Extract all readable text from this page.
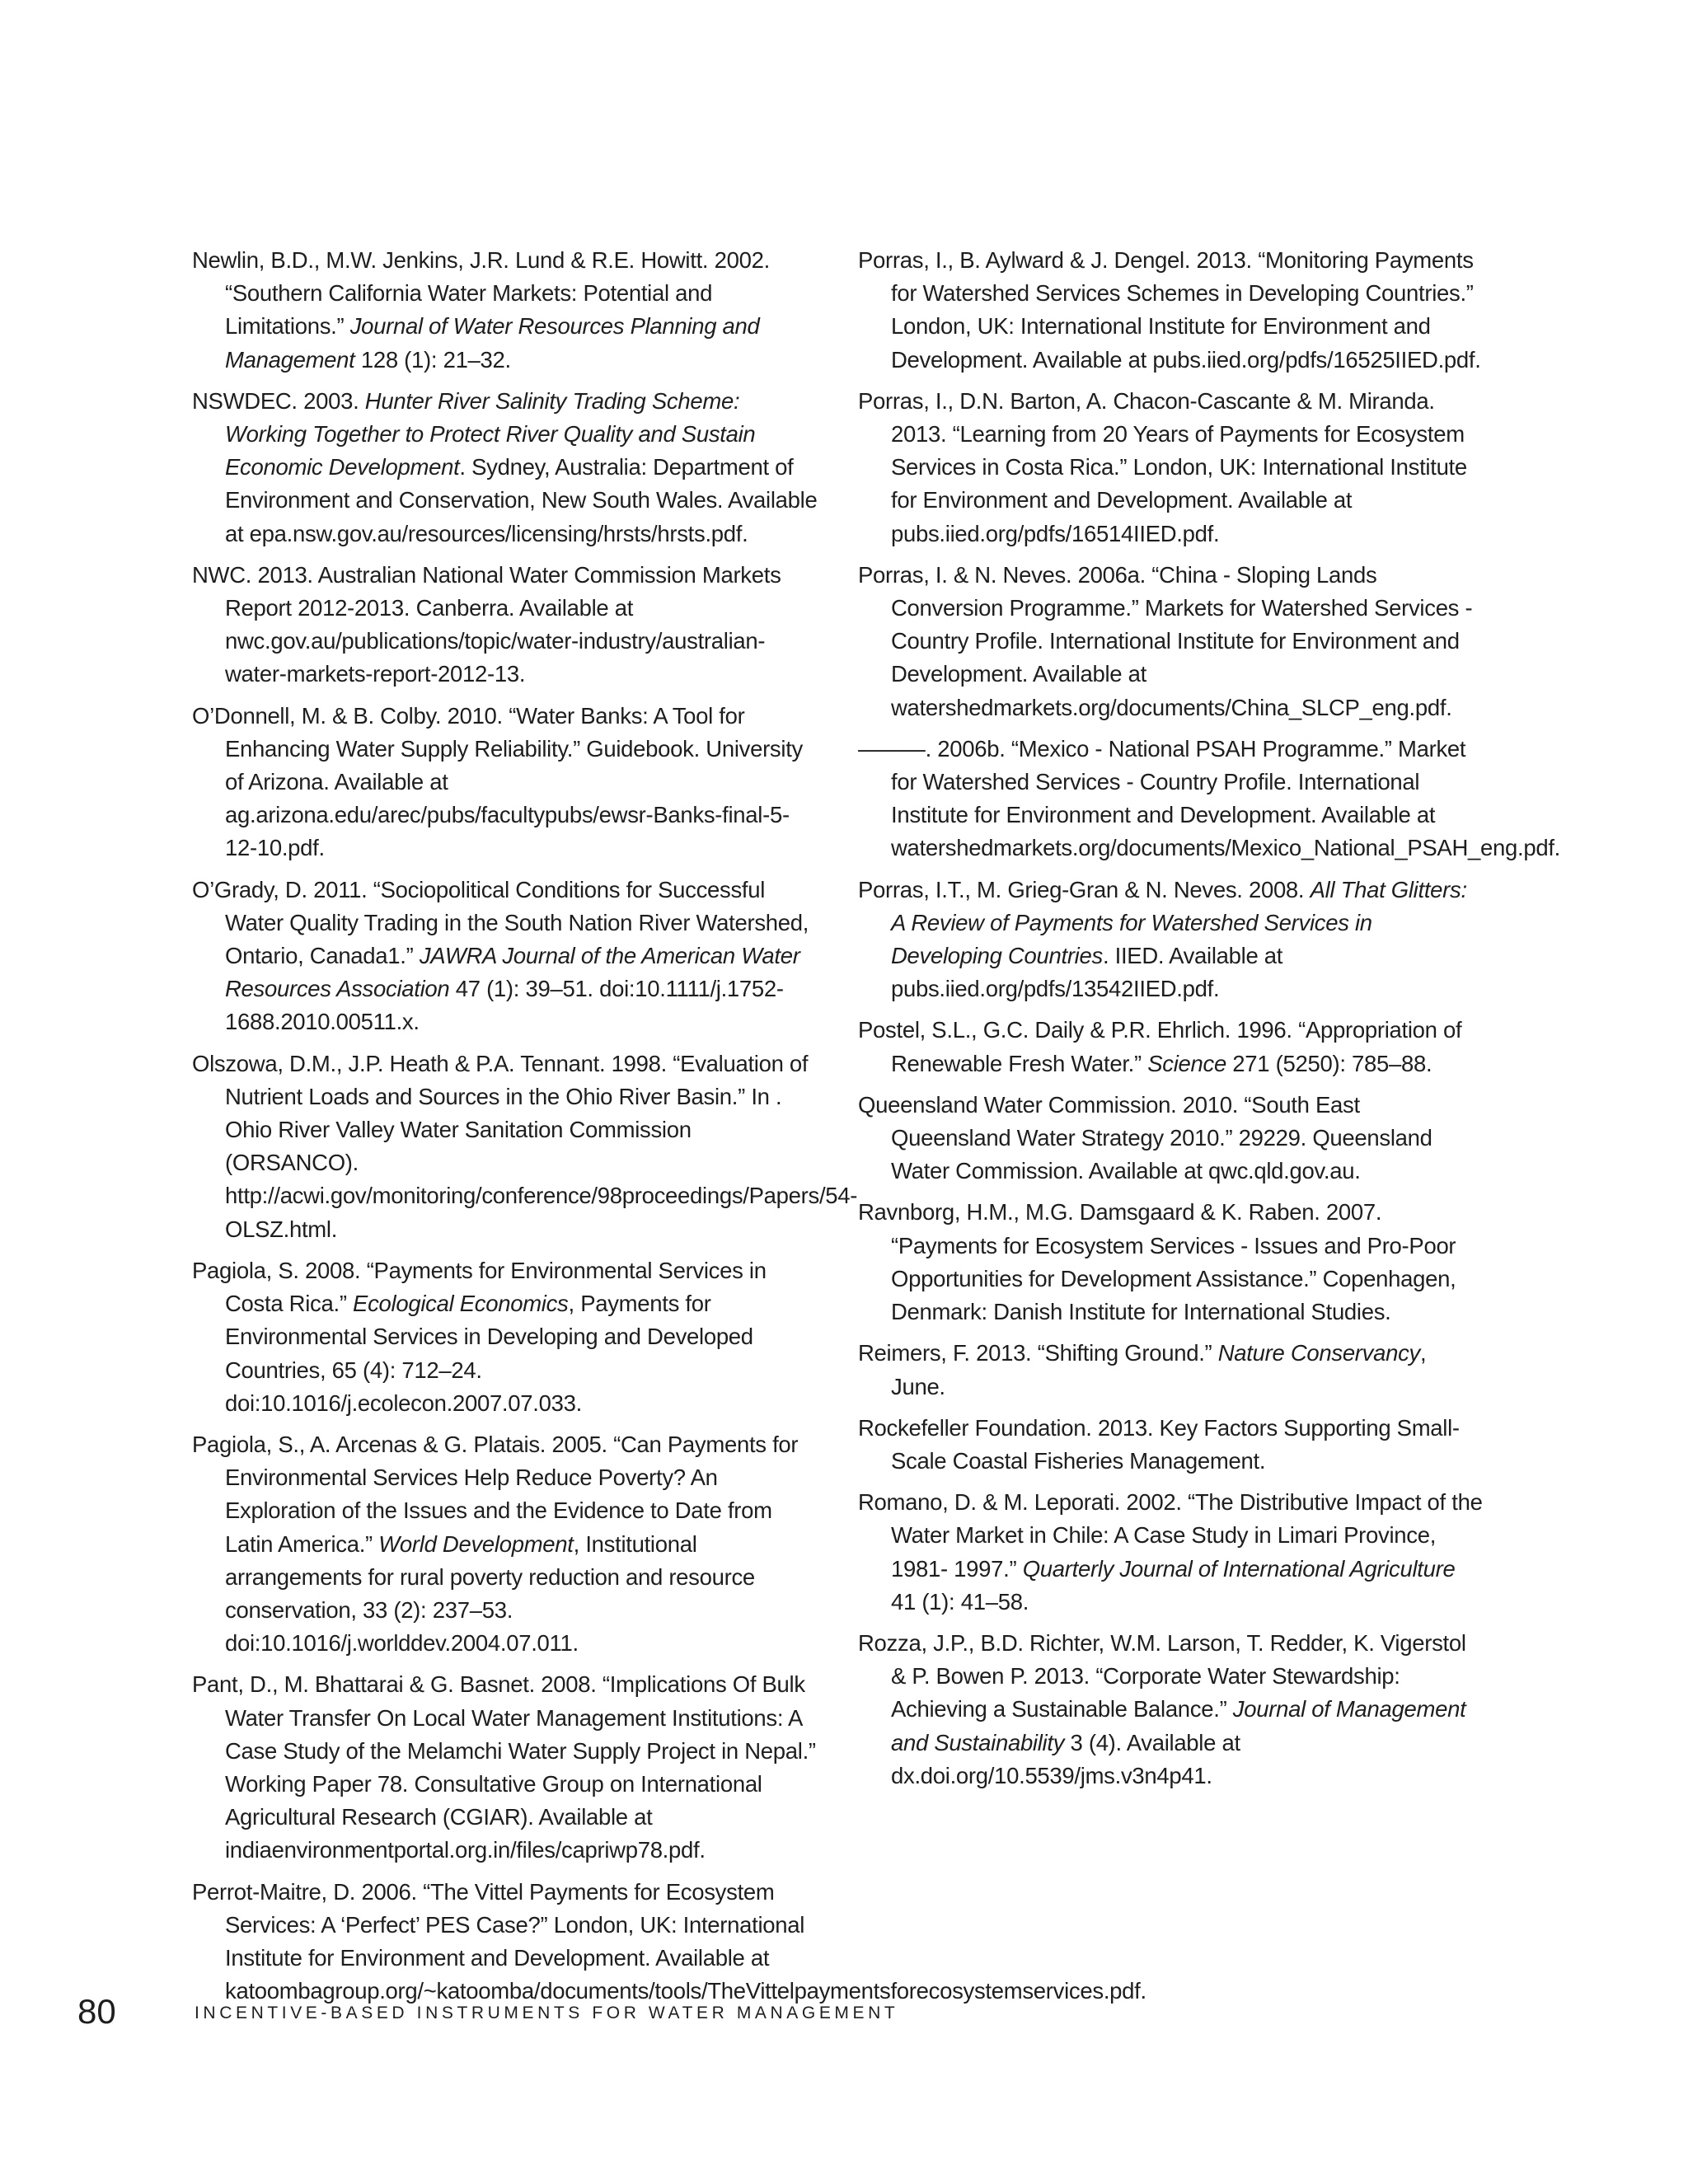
Newlin, B.D., M.W. Jenkins, J.R. Lund & R.E. Howitt. 2002. “Southern California Water Markets: Potential and Limitations.” Journal of Water Resources Planning and Management 128 (1): 21–32.

NSWDEC. 2003. Hunter River Salinity Trading Scheme: Working Together to Protect River Quality and Sustain Economic Development. Sydney, Australia: Department of Environment and Conservation, New South Wales. Available at epa.nsw.gov.au/resources/licensing/hrsts/hrsts.pdf.

NWC. 2013. Australian National Water Commission Markets Report 2012-2013. Canberra. Available at nwc.gov.au/publications/topic/water-industry/australian-water-markets-report-2012-13.

O’Donnell, M. & B. Colby. 2010. “Water Banks: A Tool for Enhancing Water Supply Reliability.” Guidebook. University of Arizona. Available at ag.arizona.edu/arec/pubs/facultypubs/ewsr-Banks-final-5-12-10.pdf.

O’Grady, D. 2011. “Sociopolitical Conditions for Successful Water Quality Trading in the South Nation River Watershed, Ontario, Canada1.” JAWRA Journal of the American Water Resources Association 47 (1): 39–51. doi:10.1111/j.1752-1688.2010.00511.x.

Olszowa, D.M., J.P. Heath & P.A. Tennant. 1998. “Evaluation of Nutrient Loads and Sources in the Ohio River Basin.” In . Ohio River Valley Water Sanitation Commission (ORSANCO). http://acwi.gov/monitoring/conference/98proceedings/Papers/54-OLSZ.html.

Pagiola, S. 2008. “Payments for Environmental Services in Costa Rica.” Ecological Economics, Payments for Environmental Services in Developing and Developed Countries, 65 (4): 712–24. doi:10.1016/j.ecolecon.2007.07.033.

Pagiola, S., A. Arcenas & G. Platais. 2005. “Can Payments for Environmental Services Help Reduce Poverty? An Exploration of the Issues and the Evidence to Date from Latin America.” World Development, Institutional arrangements for rural poverty reduction and resource conservation, 33 (2): 237–53. doi:10.1016/j.worlddev.2004.07.011.

Pant, D., M. Bhattarai & G. Basnet. 2008. “Implications Of Bulk Water Transfer On Local Water Management Institutions: A Case Study of the Melamchi Water Supply Project in Nepal.” Working Paper 78. Consultative Group on International Agricultural Research (CGIAR). Available at indiaenvironmentportal.org.in/files/capriwp78.pdf.

Perrot-Maitre, D. 2006. “The Vittel Payments for Ecosystem Services: A ‘Perfect’ PES Case?” London, UK: International Institute for Environment and Development. Available at katoombagroup.org/~katoomba/documents/tools/TheVittelpaymentsforecosystemservices.pdf.

Porras, I., B. Aylward & J. Dengel. 2013. “Monitoring Payments for Watershed Services Schemes in Developing Countries.” London, UK: International Institute for Environment and Development. Available at pubs.iied.org/pdfs/16525IIED.pdf.

Porras, I., D.N. Barton, A. Chacon-Cascante & M. Miranda. 2013. “Learning from 20 Years of Payments for Ecosystem Services in Costa Rica.” London, UK: International Institute for Environment and Development. Available at pubs.iied.org/pdfs/16514IIED.pdf.

Porras, I. & N. Neves. 2006a. “China - Sloping Lands Conversion Programme.” Markets for Watershed Services - Country Profile. International Institute for Environment and Development. Available at watershedmarkets.org/documents/China_SLCP_eng.pdf.

———. 2006b. “Mexico - National PSAH Programme.” Market for Watershed Services - Country Profile. International Institute for Environment and Development. Available at watershedmarkets.org/documents/Mexico_National_PSAH_eng.pdf.

Porras, I.T., M. Grieg-Gran & N. Neves. 2008. All That Glitters: A Review of Payments for Watershed Services in Developing Countries. IIED. Available at pubs.iied.org/pdfs/13542IIED.pdf.

Postel, S.L., G.C. Daily & P.R. Ehrlich. 1996. “Appropriation of Renewable Fresh Water.” Science 271 (5250): 785–88.

Queensland Water Commission. 2010. “South East Queensland Water Strategy 2010.” 29229. Queensland Water Commission. Available at qwc.qld.gov.au.

Ravnborg, H.M., M.G. Damsgaard & K. Raben. 2007. “Payments for Ecosystem Services - Issues and Pro-Poor Opportunities for Development Assistance.” Copenhagen, Denmark: Danish Institute for International Studies.

Reimers, F. 2013. “Shifting Ground.” Nature Conservancy, June.

Rockefeller Foundation. 2013. Key Factors Supporting Small-Scale Coastal Fisheries Management.

Romano, D. & M. Leporati. 2002. “The Distributive Impact of the Water Market in Chile: A Case Study in Limari Province, 1981- 1997.” Quarterly Journal of International Agriculture 41 (1): 41–58.

Rozza, J.P., B.D. Richter, W.M. Larson, T. Redder, K. Vigerstol & P. Bowen P. 2013. “Corporate Water Stewardship: Achieving a Sustainable Balance.” Journal of Management and Sustainability 3 (4). Available at dx.doi.org/10.5539/jms.v3n4p41.

80	INCENTIVE-BASED INSTRUMENTS FOR WATER MANAGEMENT
